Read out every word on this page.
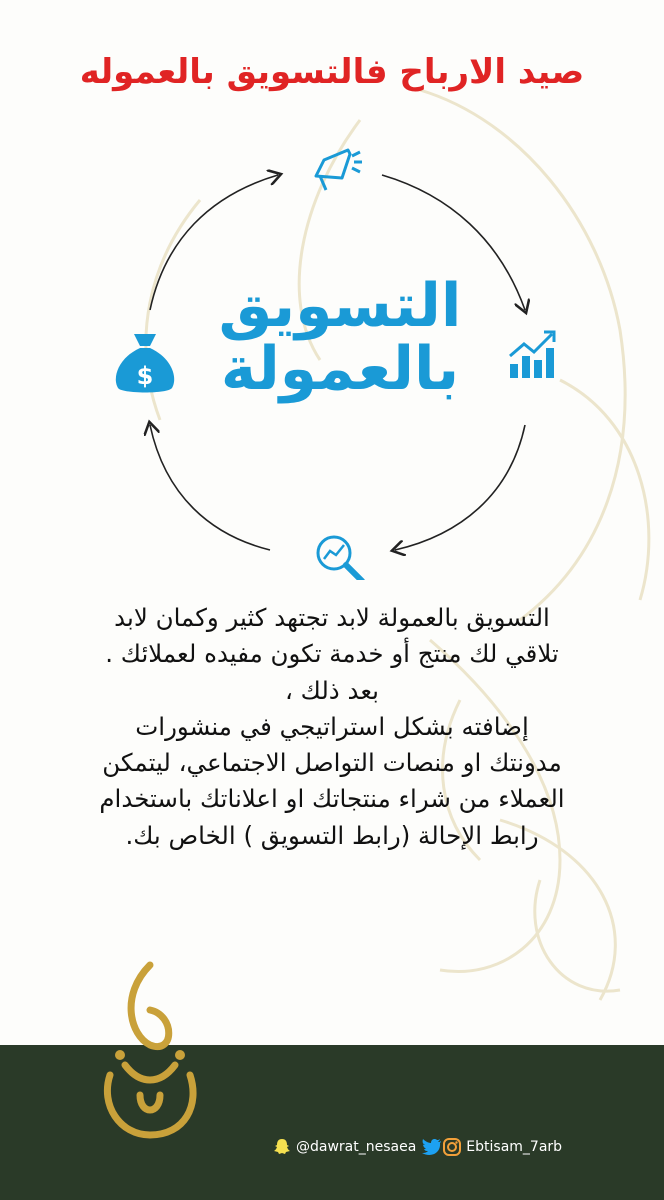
صيد الارباح فالتسويق بالعموله
$
التسويق
بالعمولة
التسويق بالعمولة لابد تجتهد كثير وكمان لابد
تلاقي لك منتج أو خدمة تكون مفيده لعملائك .
بعد ذلك ،
إضافته بشكل استراتيجي في منشورات
مدونتك او منصات التواصل الاجتماعي، ليتمكن
العملاء من شراء منتجاتك او اعلاناتك باستخدام
رابط الإحالة (رابط التسويق ) الخاص بك.
@dawrat_nesaea	Ebtisam_7arb
